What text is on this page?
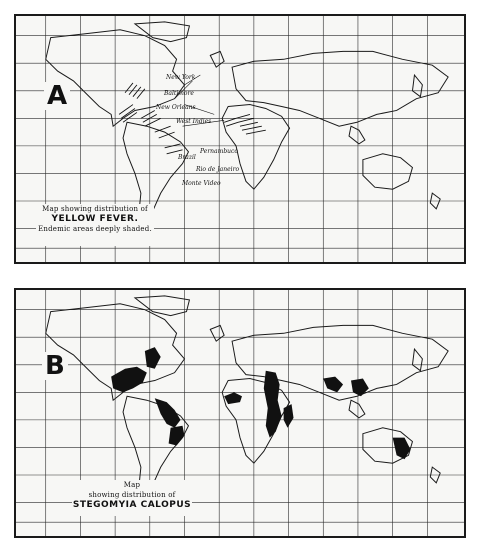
New York
Baltimore
New Orleans
West Indies
Brazil
Pernambuco
Rio de Janeiro
Monte Video
A
Map showing distribution of
YELLOW FEVER.
Endemic areas deeply shaded.
B
Map
showing distribution of
STEGOMYIA CALOPUS
